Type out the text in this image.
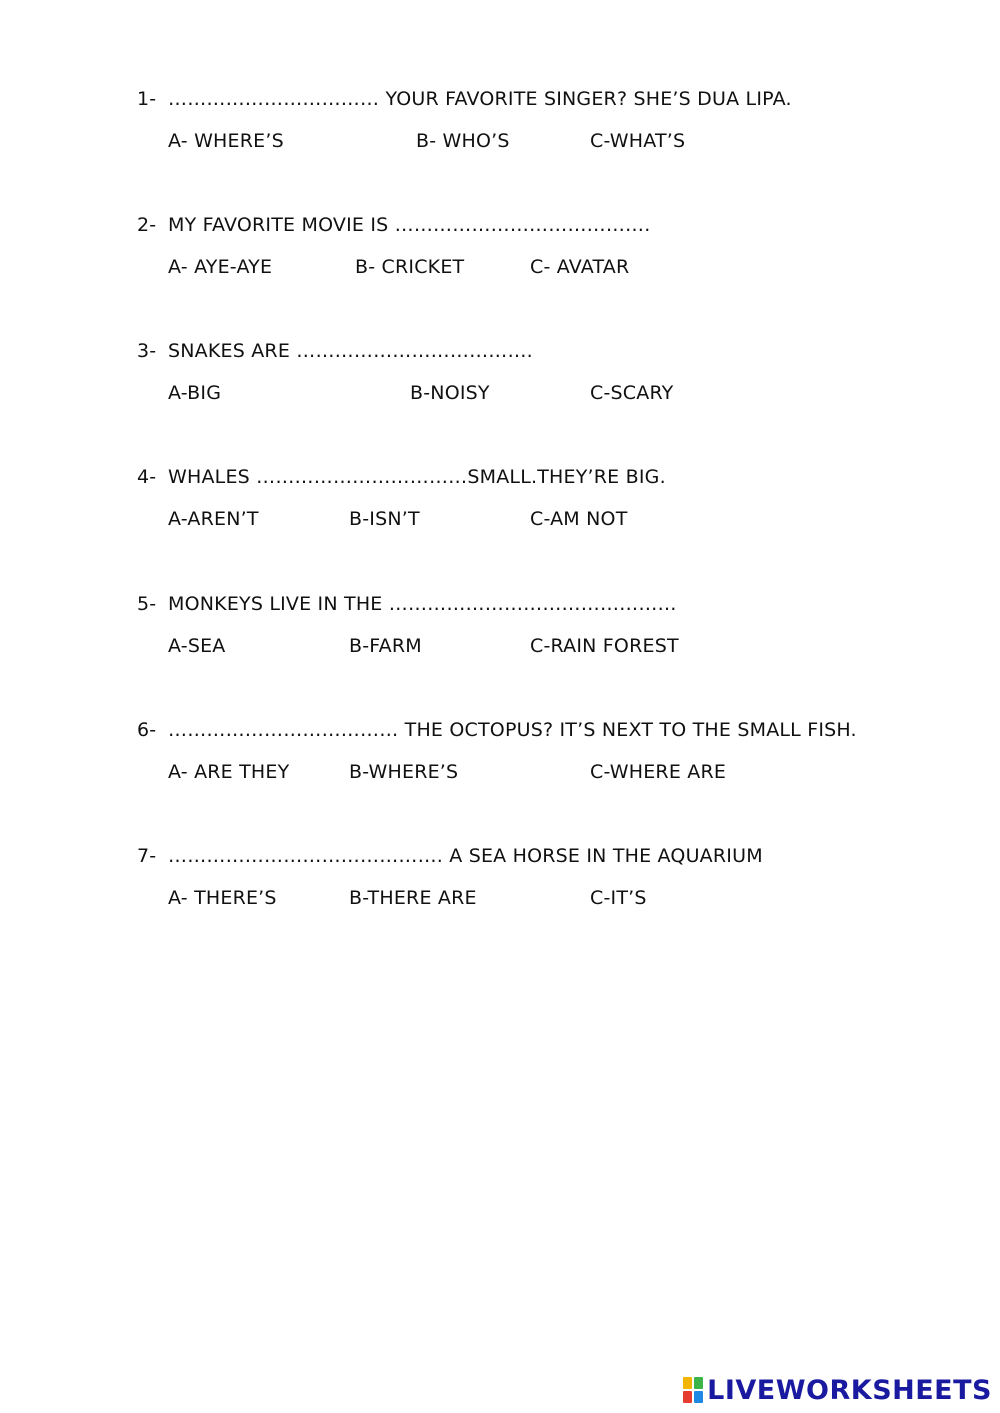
1- …………………………… YOUR FAVORITE SINGER? SHE’S DUA LIPA.
A- WHERE’S	B- WHO’S	C-WHAT’S
2- MY FAVORITE MOVIE IS ………………………………….
A- AYE-AYE	B- CRICKET	C- AVATAR
3- SNAKES ARE ……………………………….
A-BIG	B-NOISY	C-SCARY
4- WHALES ……………………………SMALL.THEY’RE BIG.
A-AREN’T	B-ISN’T	C-AM NOT
5- MONKEYS LIVE IN THE ………………………………………
A-SEA	B-FARM	C-RAIN FOREST
6- ……………………………… THE OCTOPUS? IT’S NEXT TO THE SMALL FISH.
A- ARE THEY	B-WHERE’S	C-WHERE ARE
7- ……………………………………. A SEA HORSE IN THE AQUARIUM
A- THERE’S	B-THERE ARE	C-IT’S
LIVEWORKSHEETS
